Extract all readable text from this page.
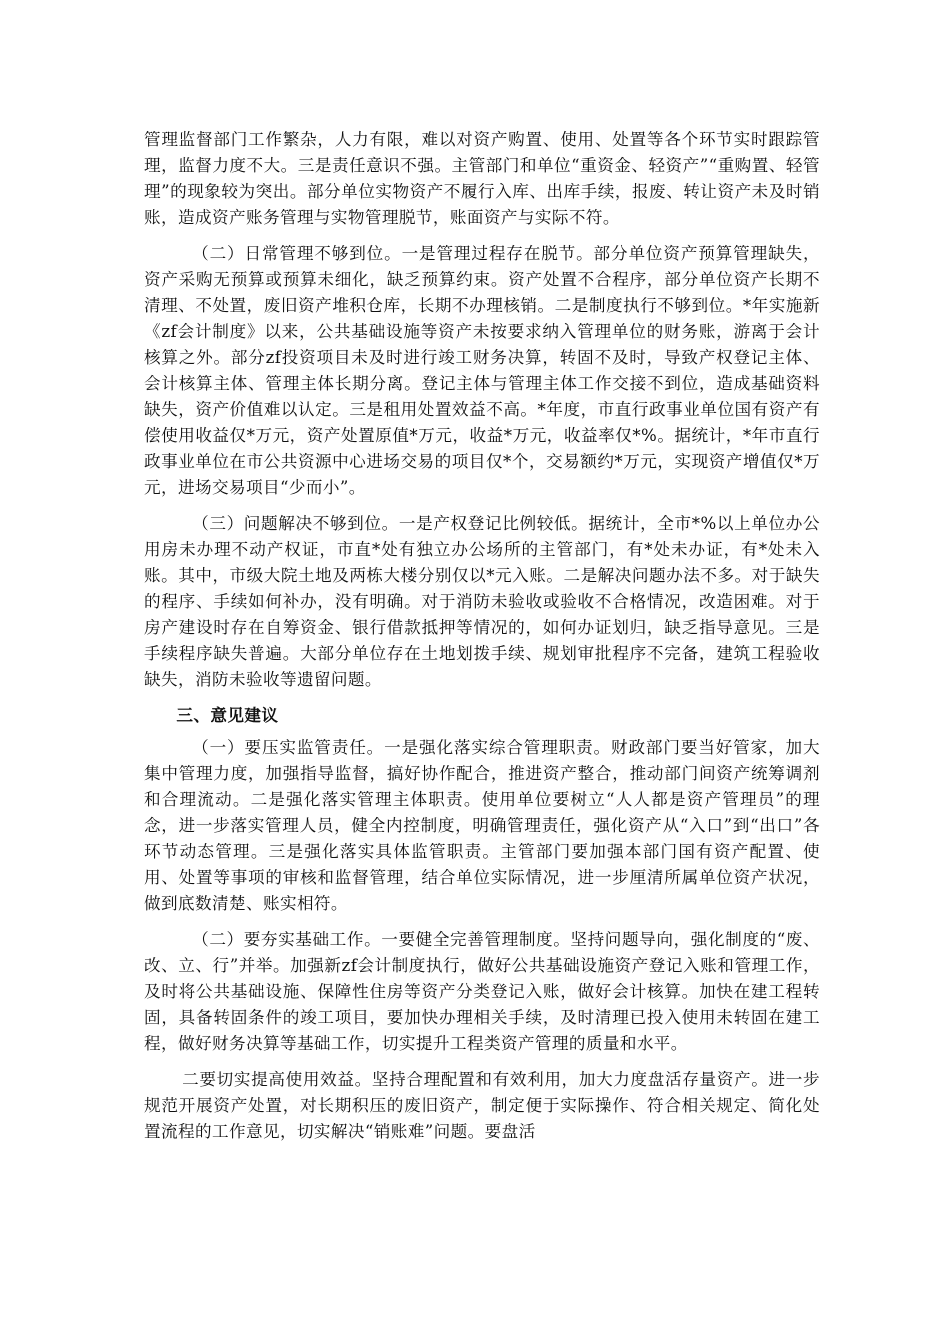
管理监督部门工作繁杂，人力有限，难以对资产购置、使用、处置等各个环节实时跟踪管理，监督力度不大。三是责任意识不强。主管部门和单位“重资金、轻资产”“重购置、轻管理”的现象较为突出。部分单位实物资产不履行入库、出库手续，报废、转让资产未及时销账，造成资产账务管理与实物管理脱节，账面资产与实际不符。

（二）日常管理不够到位。一是管理过程存在脱节。部分单位资产预算管理缺失，资产采购无预算或预算未细化，缺乏预算约束。资产处置不合程序，部分单位资产长期不清理、不处置，废旧资产堆积仓库，长期不办理核销。二是制度执行不够到位。*年实施新《zf会计制度》以来，公共基础设施等资产未按要求纳入管理单位的财务账，游离于会计核算之外。部分zf投资项目未及时进行竣工财务决算，转固不及时，导致产权登记主体、会计核算主体、管理主体长期分离。登记主体与管理主体工作交接不到位，造成基础资料缺失，资产价值难以认定。三是租用处置效益不高。*年度，市直行政事业单位国有资产有偿使用收益仅*万元，资产处置原值*万元，收益*万元，收益率仅*%。据统计，*年市直行政事业单位在市公共资源中心进场交易的项目仅*个，交易额约*万元，实现资产增值仅*万元，进场交易项目“少而小”。

（三）问题解决不够到位。一是产权登记比例较低。据统计，全市*%以上单位办公用房未办理不动产权证，市直*处有独立办公场所的主管部门，有*处未办证，有*处未入账。其中，市级大院土地及两栋大楼分别仅以*元入账。二是解决问题办法不多。对于缺失的程序、手续如何补办，没有明确。对于消防未验收或验收不合格情况，改造困难。对于房产建设时存在自筹资金、银行借款抵押等情况的，如何办证划归，缺乏指导意见。三是手续程序缺失普遍。大部分单位存在土地划拨手续、规划审批程序不完备，建筑工程验收缺失，消防未验收等遗留问题。

三、意见建议

（一）要压实监管责任。一是强化落实综合管理职责。财政部门要当好管家，加大集中管理力度，加强指导监督，搞好协作配合，推进资产整合，推动部门间资产统筹调剂和合理流动。二是强化落实管理主体职责。使用单位要树立“人人都是资产管理员”的理念，进一步落实管理人员，健全内控制度，明确管理责任，强化资产从“入口”到“出口”各环节动态管理。三是强化落实具体监管职责。主管部门要加强本部门国有资产配置、使用、处置等事项的审核和监督管理，结合单位实际情况，进一步厘清所属单位资产状况，做到底数清楚、账实相符。

（二）要夯实基础工作。一要健全完善管理制度。坚持问题导向，强化制度的“废、改、立、行”并举。加强新zf会计制度执行，做好公共基础设施资产登记入账和管理工作，及时将公共基础设施、保障性住房等资产分类登记入账，做好会计核算。加快在建工程转固，具备转固条件的竣工项目，要加快办理相关手续，及时清理已投入使用未转固在建工程，做好财务决算等基础工作，切实提升工程类资产管理的质量和水平。

二要切实提高使用效益。坚持合理配置和有效利用，加大力度盘活存量资产。进一步规范开展资产处置，对长期积压的废旧资产，制定便于实际操作、符合相关规定、简化处置流程的工作意见，切实解决“销账难”问题。要盘活
